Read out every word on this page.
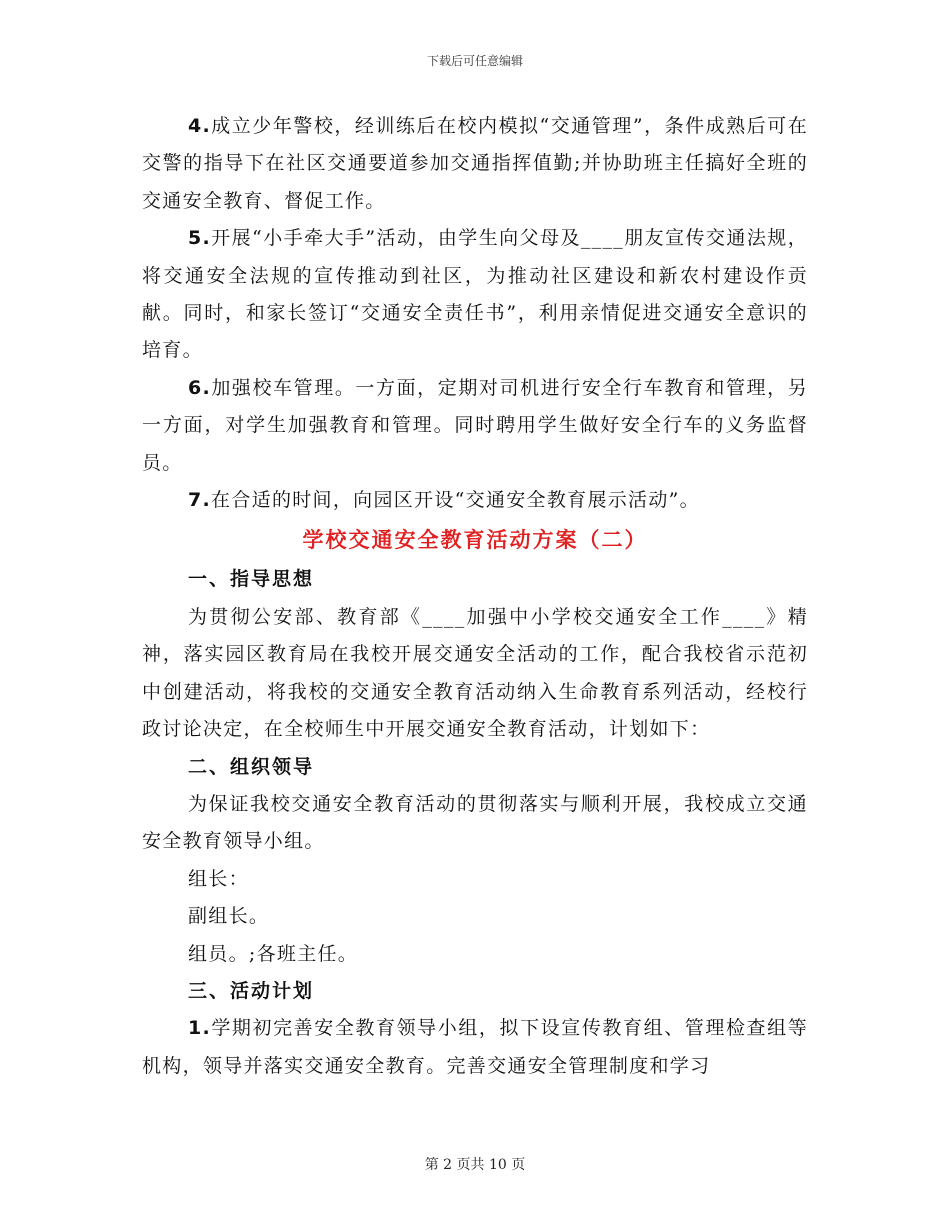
下载后可任意编辑

4.成立少年警校，经训练后在校内模拟“交通管理”，条件成熟后可在交警的指导下在社区交通要道参加交通指挥值勤;并协助班主任搞好全班的交通安全教育、督促工作。

5.开展“小手牵大手”活动，由学生向父母及____朋友宣传交通法规，将交通安全法规的宣传推动到社区，为推动社区建设和新农村建设作贡献。同时，和家长签订“交通安全责任书”，利用亲情促进交通安全意识的培育。

6.加强校车管理。一方面，定期对司机进行安全行车教育和管理，另一方面，对学生加强教育和管理。同时聘用学生做好安全行车的义务监督员。

7.在合适的时间，向园区开设“交通安全教育展示活动”。

学校交通安全教育活动方案（二）

一、指导思想

为贯彻公安部、教育部《____加强中小学校交通安全工作____》精神，落实园区教育局在我校开展交通安全活动的工作，配合我校省示范初中创建活动，将我校的交通安全教育活动纳入生命教育系列活动，经校行政讨论决定，在全校师生中开展交通安全教育活动，计划如下：

二、组织领导

为保证我校交通安全教育活动的贯彻落实与顺利开展，我校成立交通安全教育领导小组。

组长：

副组长。

组员。;各班主任。

三、活动计划

1.学期初完善安全教育领导小组，拟下设宣传教育组、管理检查组等机构，领导并落实交通安全教育。完善交通安全管理制度和学习

第 2 页共 10 页
